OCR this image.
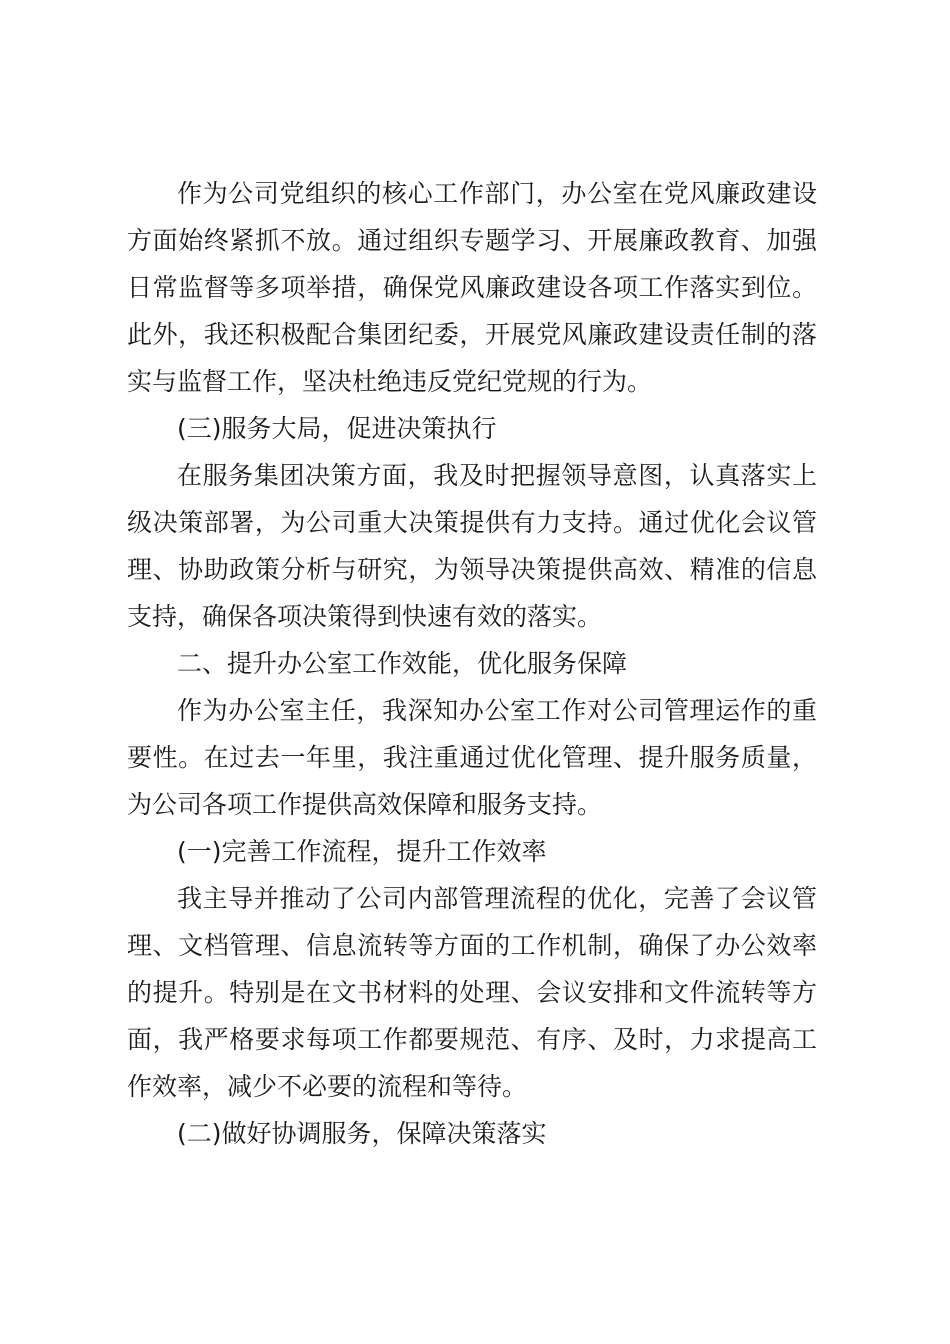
作为公司党组织的核心工作部门，办公室在党风廉政建设方面始终紧抓不放。通过组织专题学习、开展廉政教育、加强日常监督等多项举措，确保党风廉政建设各项工作落实到位。此外，我还积极配合集团纪委，开展党风廉政建设责任制的落实与监督工作，坚决杜绝违反党纪党规的行为。

(三)服务大局，促进决策执行

在服务集团决策方面，我及时把握领导意图，认真落实上级决策部署，为公司重大决策提供有力支持。通过优化会议管理、协助政策分析与研究，为领导决策提供高效、精准的信息支持，确保各项决策得到快速有效的落实。

二、提升办公室工作效能，优化服务保障

作为办公室主任，我深知办公室工作对公司管理运作的重要性。在过去一年里，我注重通过优化管理、提升服务质量，为公司各项工作提供高效保障和服务支持。

(一)完善工作流程，提升工作效率

我主导并推动了公司内部管理流程的优化，完善了会议管理、文档管理、信息流转等方面的工作机制，确保了办公效率的提升。特别是在文书材料的处理、会议安排和文件流转等方面，我严格要求每项工作都要规范、有序、及时，力求提高工作效率，减少不必要的流程和等待。

(二)做好协调服务，保障决策落实
